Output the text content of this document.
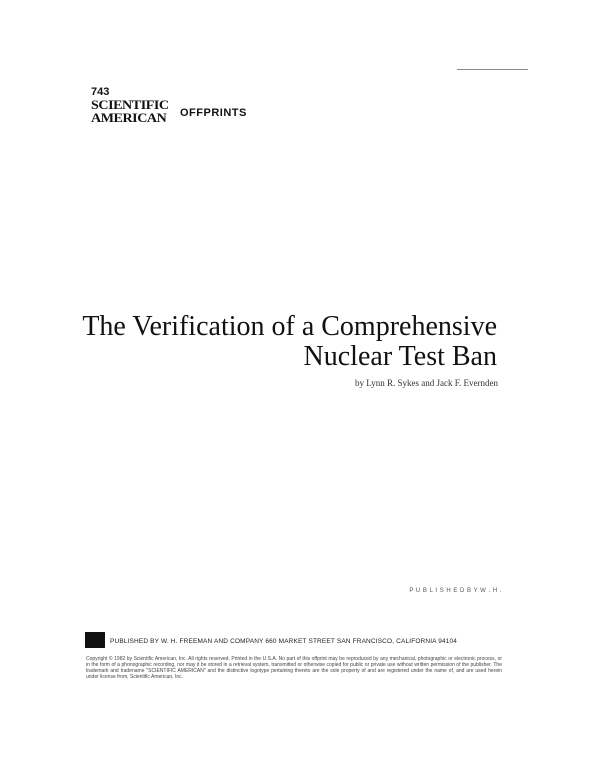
743
SCIENTIFIC
AMERICAN OFFPRINTS
The Verification of a Comprehensive
Nuclear Test Ban
by Lynn R. Sykes and Jack F. Evernden
P U B L I S H E D B Y W . H .
PUBLISHED BY W. H. FREEMAN AND COMPANY 660 MARKET STREET SAN FRANCISCO, CALIFORNIA 94104
Copyright © 1982 by Scientific American, Inc. All rights reserved. Printed in the U.S.A. No part of this offprint may be reproduced by any mechanical, photographic or electronic process, or in the form of a phonographic recording, nor may it be stored in a retrieval system, transmitted or otherwise copied for public or private use without written permission of the publisher. The trademark and tradename "SCIENTIFIC AMERICAN" and the distinctive logotype pertaining thereto are the sole property of and are registered under the name of, and are used herein under license from, Scientific American, Inc.
